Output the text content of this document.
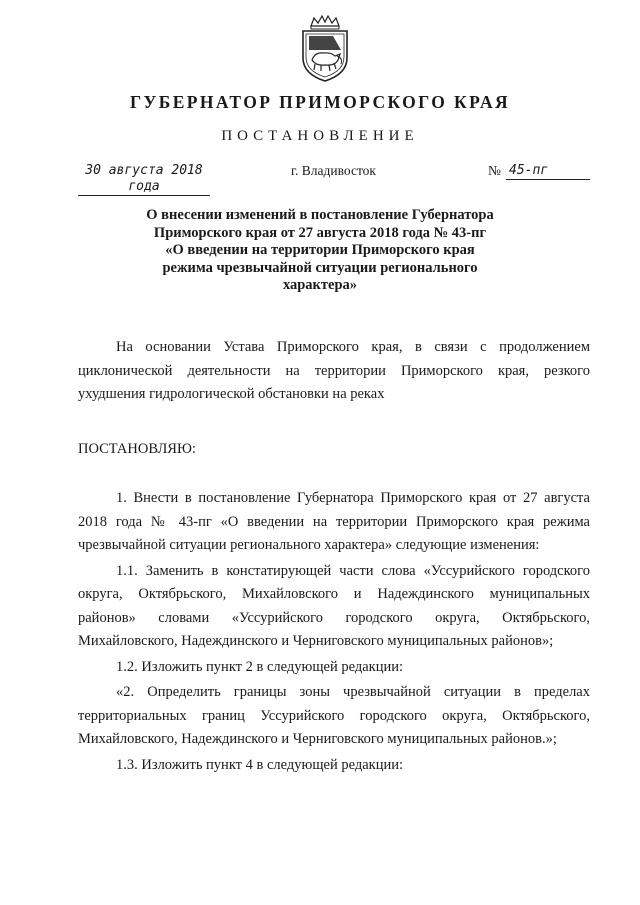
ГУБЕРНАТОР ПРИМОРСКОГО КРАЯ
ПОСТАНОВЛЕНИЕ
30 августа 2018 года
г. Владивосток	№ 45-пг
О внесении изменений в постановление Губернатора
Приморского края от 27 августа 2018 года № 43-пг
«О введении на территории Приморского края
режима чрезвычайной ситуации регионального
характера»

На основании Устава Приморского края, в связи с продолжением циклонической деятельности на территории Приморского края, резкого ухудшения гидрологической обстановки на реках

ПОСТАНОВЛЯЮ:

1. Внести в постановление Губернатора Приморского края от 27 августа 2018 года № 43-пг «О введении на территории Приморского края режима чрезвычайной ситуации регионального характера» следующие изменения:

1.1. Заменить в констатирующей части слова «Уссурийского городского округа, Октябрьского, Михайловского и Надеждинского муниципальных районов» словами «Уссурийского городского округа, Октябрьского, Михайловского, Надеждинского и Черниговского муниципальных районов»;

1.2. Изложить пункт 2 в следующей редакции:

«2. Определить границы зоны чрезвычайной ситуации в пределах территориальных границ Уссурийского городского округа, Октябрьского, Михайловского, Надеждинского и Черниговского муниципальных районов.»;

1.3. Изложить пункт 4 в следующей редакции:
